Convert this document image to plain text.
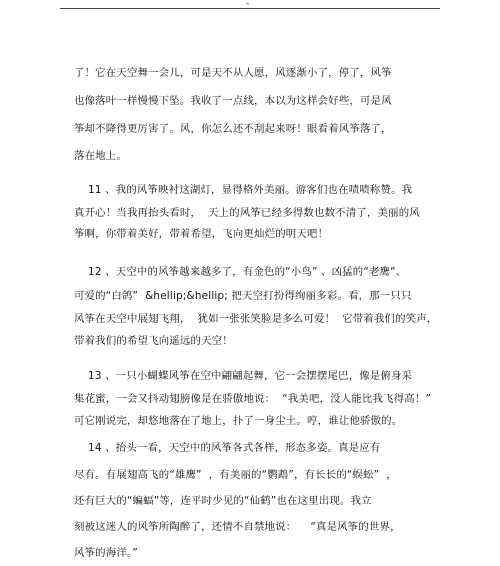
-
了！它在天空舞一会儿，可是天不从人愿，风逐渐小了，停了，风筝
也像落叶一样慢慢下坠。我收了一点线，本以为这样会好些，可是风
筝却不降得更厉害了。风，你怎么还不刮起来呀！眼看着风筝落了，
落在地上。
11 、我的风筝映衬这湖灯，显得格外美丽。游客们也在啧啧称赞。我
真开心！当我再抬头看时，  天上的风筝已经多得数也数不清了，美丽的风
筝啊，你带着美好，带着希望，飞向更灿烂的明天吧！
12 、天空中的风筝越来越多了，有金色的“小鸟” 、凶猛的“老鹰”、
可爱的“白鸽”  &hellip;&hellip; 把天空打扮得绚丽多彩。看，那一只只
风筝在天空中展翅飞翔，  犹如一张张笑脸是多么可爱！  它带着我们的笑声，
带着我们的希望飞向遥远的天空！
13 、一只小蝴蝶风筝在空中翩翩起舞，它一会摆摆尾巴，像是俯身采
集花蜜，一会又抖动翅膀像是在骄傲地说：  “我美吧，没人能比我飞得高！”
可它刚说完，却悠地落在了地上，扑了一身尘土。哼，谁让他骄傲的。
14 、抬头一看，天空中的风筝各式各样，形态多姿。真是应有
尽有。有展翅高飞的“雄鹰”  ，有美丽的“鹦鹉”，有长长的“蜈蚣”  ，
还有巨大的“蝙蝠”等，连平时少见的“仙鹤”也在这里出现。我立
刻被这迷人的风筝所陶醉了，还情不自禁地说：    “真是风筝的世界，
风筝的海洋。”
